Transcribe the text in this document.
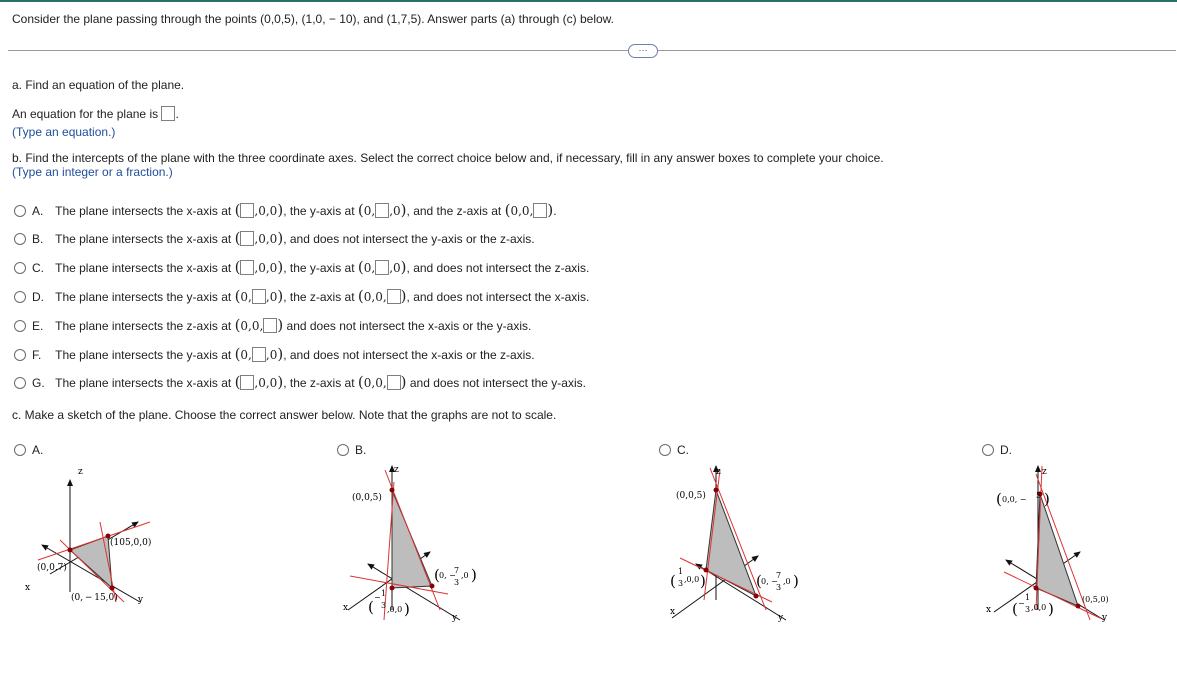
Consider the plane passing through the points (0,0,5), (1,0, − 10), and (1,7,5). Answer parts (a) through (c) below.
···
a. Find an equation of the plane.
An equation for the plane is .
(Type an equation.)
b. Find the intercepts of the plane with the three coordinate axes. Select the correct choice below and, if necessary, fill in any answer boxes to complete your choice.
(Type an integer or a fraction.)
A. The plane intersects the x-axis at ( ,0,0), the y-axis at (0, ,0), and the z-axis at (0,0, ).
B. The plane intersects the x-axis at ( ,0,0), and does not intersect the y-axis or the z-axis.
C. The plane intersects the x-axis at ( ,0,0), the y-axis at (0, ,0), and does not intersect the z-axis.
D. The plane intersects the y-axis at (0, ,0), the z-axis at (0,0, ), and does not intersect the x-axis.
E. The plane intersects the z-axis at (0,0, ) and does not intersect the x-axis or the y-axis.
F. The plane intersects the y-axis at (0, ,0), and does not intersect the x-axis or the z-axis.
G. The plane intersects the x-axis at ( ,0,0), the z-axis at (0,0, ) and does not intersect the y-axis.
c. Make a sketch of the plane. Choose the correct answer below. Note that the graphs are not to scale.
A.
z
x
y
(105,0,0)
(0,0,7)
(0, − 15,0)
B.
z
x
y
(0,0,5)
( 0, −
7
3
,0 )
(
− 1
3 ,0,0 )
C.
z
x
y
(0,0,5)
(
1
3 ,0,0 )	( 0, −
7
3
,0 )
D.
z
x
y
( 0,0, − 5 )
(0,5,0)
( −
1
3 ,0,0 )
